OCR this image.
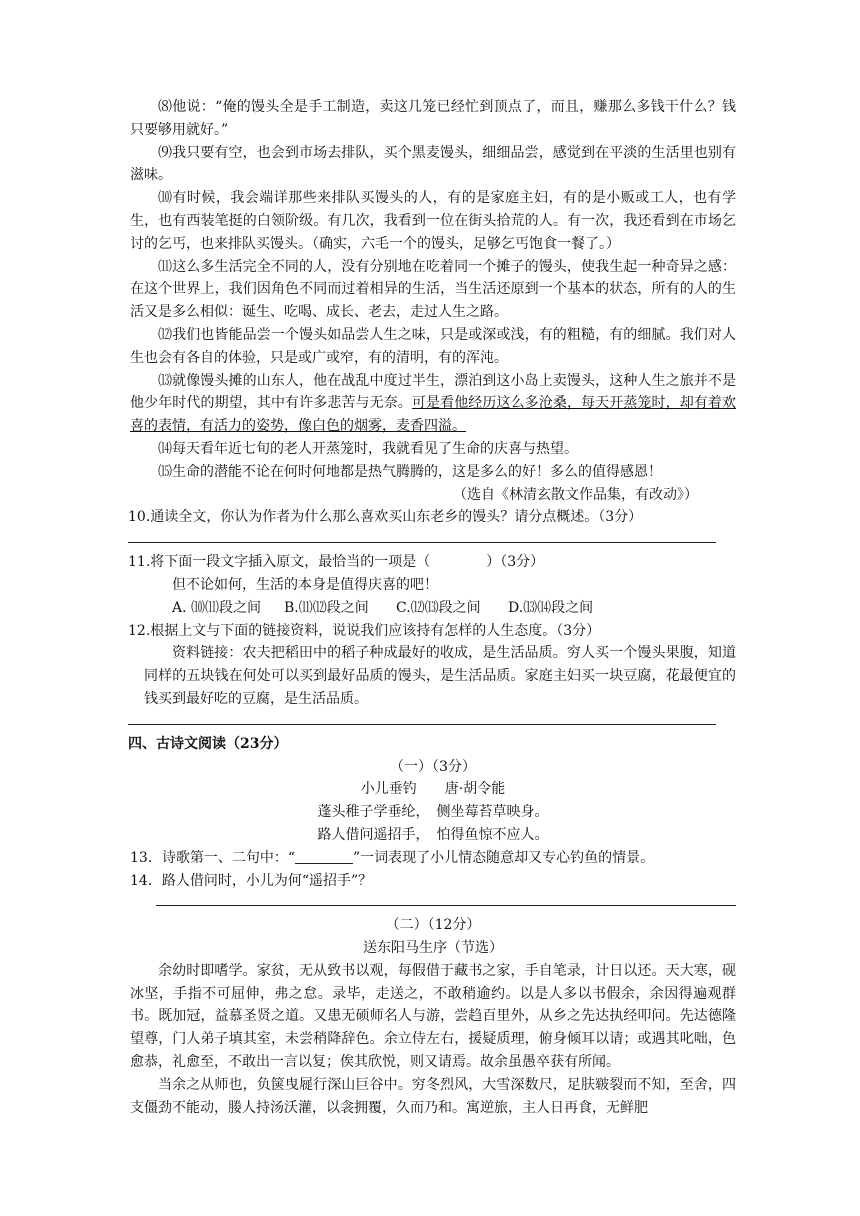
⑻他说：“俺的馒头全是手工制造，卖这几笼已经忙到顶点了，而且，赚那么多钱干什么？钱只要够用就好。”

⑼我只要有空，也会到市场去排队，买个黑麦馒头，细细品尝，感觉到在平淡的生活里也别有滋味。

⑽有时候，我会端详那些来排队买馒头的人，有的是家庭主妇，有的是小贩或工人，也有学生，也有西装笔挺的白领阶级。有几次，我看到一位在街头拾荒的人。有一次，我还看到在市场乞讨的乞丐，也来排队买馒头。（确实，六毛一个的馒头，足够乞丐饱食一餐了。）

⑾这么多生活完全不同的人，没有分别地在吃着同一个摊子的馒头，使我生起一种奇异之感：在这个世界上，我们因角色不同而过着相异的生活，当生活还原到一个基本的状态，所有的人的生活又是多么相似：诞生、吃喝、成长、老去，走过人生之路。

⑿我们也皆能品尝一个馒头如品尝人生之味，只是或深或浅，有的粗糙，有的细腻。我们对人生也会有各自的体验，只是或广或窄，有的清明，有的浑沌。

⒀就像馒头摊的山东人，他在战乱中度过半生，漂泊到这小岛上卖馒头，这种人生之旅并不是他少年时代的期望，其中有许多悲苦与无奈。可是看他经历这么多沧桑，每天开蒸笼时，却有着欢喜的表情，有活力的姿势，像白色的烟雾，麦香四溢。

⒁每天看年近七旬的老人开蒸笼时，我就看见了生命的庆喜与热望。

⒂生命的潜能不论在何时何地都是热气腾腾的，这是多么的好！多么的值得感恩！

（选自《林清玄散文作品集，有改动》）

10.通读全文，你认为作者为什么那么喜欢买山东老乡的馒头？请分点概述。（3分）

11.将下面一段文字插入原文，最恰当的一项是（　　　　）（3分）

但不论如何，生活的本身是值得庆喜的吧！

A. ⑽⑾段之间 B.⑾⑿段之间 C.⑿⒀段之间 D.⒀⒁段之间

12.根据上文与下面的链接资料，说说我们应该持有怎样的人生态度。（3分）

资料链接：农夫把稻田中的稻子种成最好的收成，是生活品质。穷人买一个馒头果腹，知道同样的五块钱在何处可以买到最好品质的馒头，是生活品质。家庭主妇买一块豆腐，花最便宜的钱买到最好吃的豆腐，是生活品质。

四、古诗文阅读（23分）

（一）（3分）

小儿垂钓　　唐·胡令能

蓬头稚子学垂纶，　侧坐莓苔草映身。

路人借问遥招手，　怕得鱼惊不应人。

13．诗歌第一、二句中：“	”一词表现了小儿情态随意却又专心钓鱼的情景。

14．路人借问时，小儿为何“遥招手”？

（二）（12分）

送东阳马生序（节选）

余幼时即嗜学。家贫，无从致书以观，每假借于藏书之家，手自笔录，计日以还。天大寒，砚冰坚，手指不可屈伸，弗之怠。录毕，走送之，不敢稍逾约。以是人多以书假余，余因得遍观群书。既加冠，益慕圣贤之道。又患无硕师名人与游，尝趋百里外，从乡之先达执经叩问。先达德隆望尊，门人弟子填其室，未尝稍降辞色。余立侍左右，援疑质理，俯身倾耳以请；或遇其叱咄，色愈恭，礼愈至，不敢出一言以复；俟其欣悦，则又请焉。故余虽愚卒获有所闻。

当余之从师也，负箧曳屣行深山巨谷中。穷冬烈风，大雪深数尺，足肤皲裂而不知，至舍，四支僵劲不能动，媵人持汤沃灌，以衾拥覆，久而乃和。寓逆旅，主人日再食，无鲜肥
